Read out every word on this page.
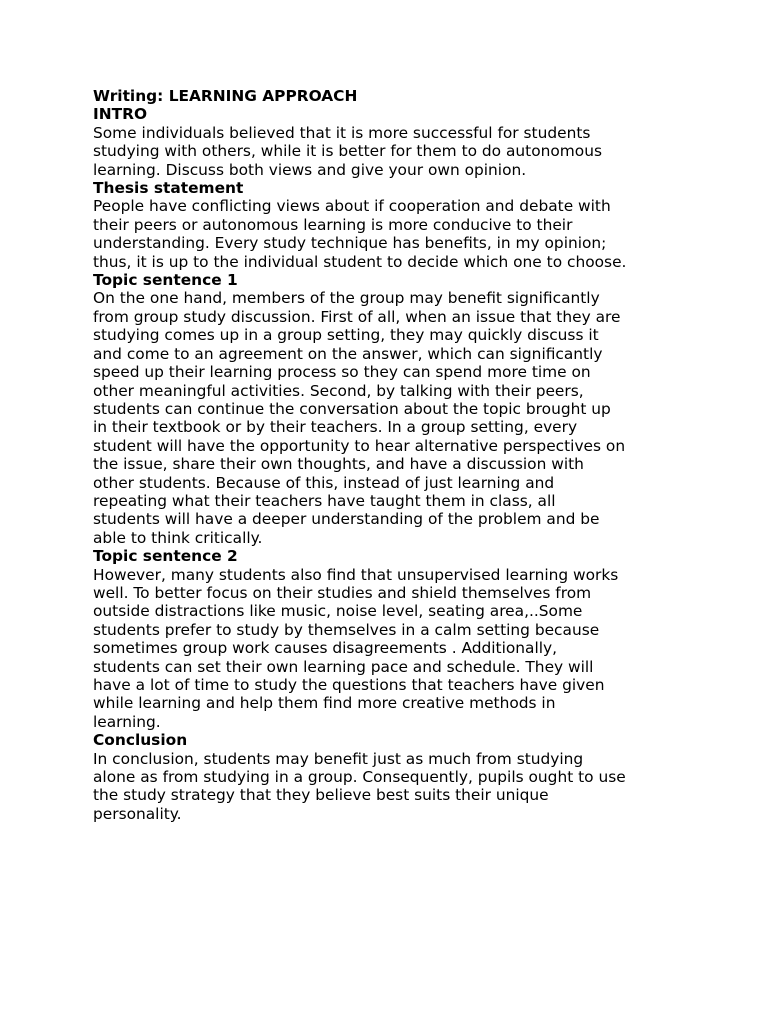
Writing: LEARNING APPROACH
INTRO
Some individuals believed that it is more successful for students
studying with others, while it is better for them to do autonomous
learning. Discuss both views and give your own opinion.
Thesis statement
People have conflicting views about if cooperation and debate with
their peers or autonomous learning is more conducive to their
understanding. Every study technique has benefits, in my opinion;
thus, it is up to the individual student to decide which one to choose.
Topic sentence 1
On the one hand, members of the group may benefit significantly
from group study discussion. First of all, when an issue that they are
studying comes up in a group setting, they may quickly discuss it
and come to an agreement on the answer, which can significantly
speed up their learning process so they can spend more time on
other meaningful activities. Second, by talking with their peers,
students can continue the conversation about the topic brought up
in their textbook or by their teachers. In a group setting, every
student will have the opportunity to hear alternative perspectives on
the issue, share their own thoughts, and have a discussion with
other students. Because of this, instead of just learning and
repeating what their teachers have taught them in class, all
students will have a deeper understanding of the problem and be
able to think critically.
Topic sentence 2
However, many students also find that unsupervised learning works
well. To better focus on their studies and shield themselves from
outside distractions like music, noise level, seating area,..Some
students prefer to study by themselves in a calm setting because
sometimes group work causes disagreements . Additionally,
students can set their own learning pace and schedule. They will
have a lot of time to study the questions that teachers have given
while learning and help them find more creative methods in
learning.
Conclusion
In conclusion, students may benefit just as much from studying
alone as from studying in a group. Consequently, pupils ought to use
the study strategy that they believe best suits their unique
personality.
